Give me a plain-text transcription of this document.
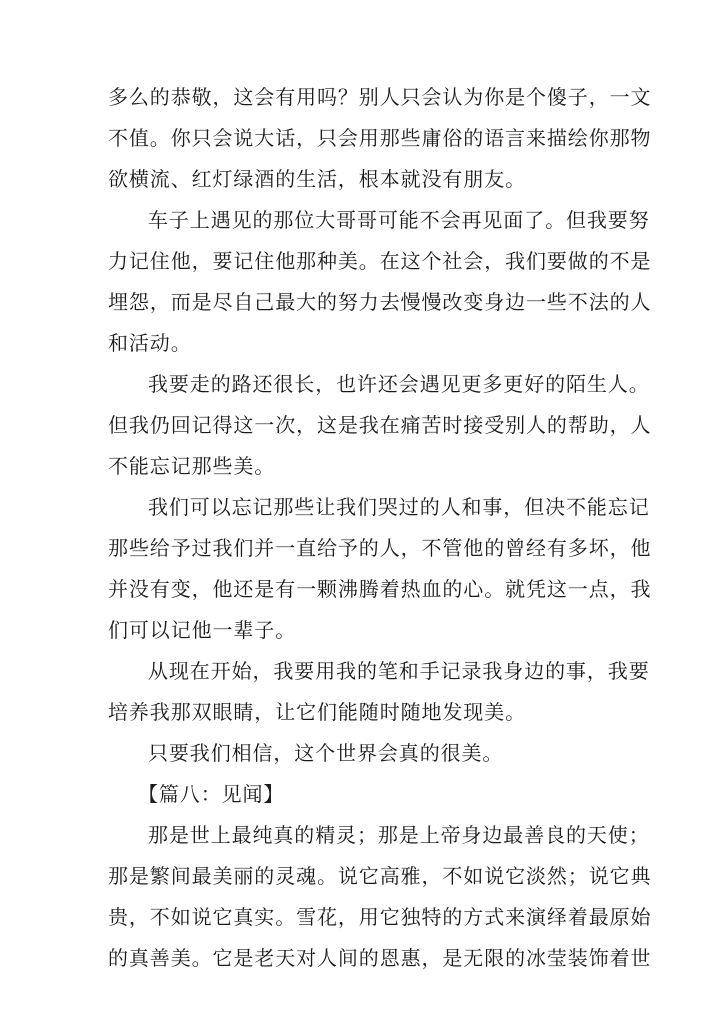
多么的恭敬，这会有用吗？别人只会认为你是个傻子，一文
不值。你只会说大话，只会用那些庸俗的语言来描绘你那物
欲横流、红灯绿酒的生活，根本就没有朋友。
车子上遇见的那位大哥哥可能不会再见面了。但我要努
力记住他，要记住他那种美。在这个社会，我们要做的不是
埋怨，而是尽自己最大的努力去慢慢改变身边一些不法的人
和活动。
我要走的路还很长，也许还会遇见更多更好的陌生人。
但我仍回记得这一次，这是我在痛苦时接受别人的帮助，人
不能忘记那些美。
我们可以忘记那些让我们哭过的人和事，但决不能忘记
那些给予过我们并一直给予的人，不管他的曾经有多坏，他
并没有变，他还是有一颗沸腾着热血的心。就凭这一点，我
们可以记他一辈子。
从现在开始，我要用我的笔和手记录我身边的事，我要
培养我那双眼睛，让它们能随时随地发现美。
只要我们相信，这个世界会真的很美。
【篇八：见闻】
那是世上最纯真的精灵；那是上帝身边最善良的天使；
那是繁间最美丽的灵魂。说它高雅，不如说它淡然；说它典
贵，不如说它真实。雪花，用它独特的方式来演绎着最原始
的真善美。它是老天对人间的恩惠，是无限的冰莹装饰着世
